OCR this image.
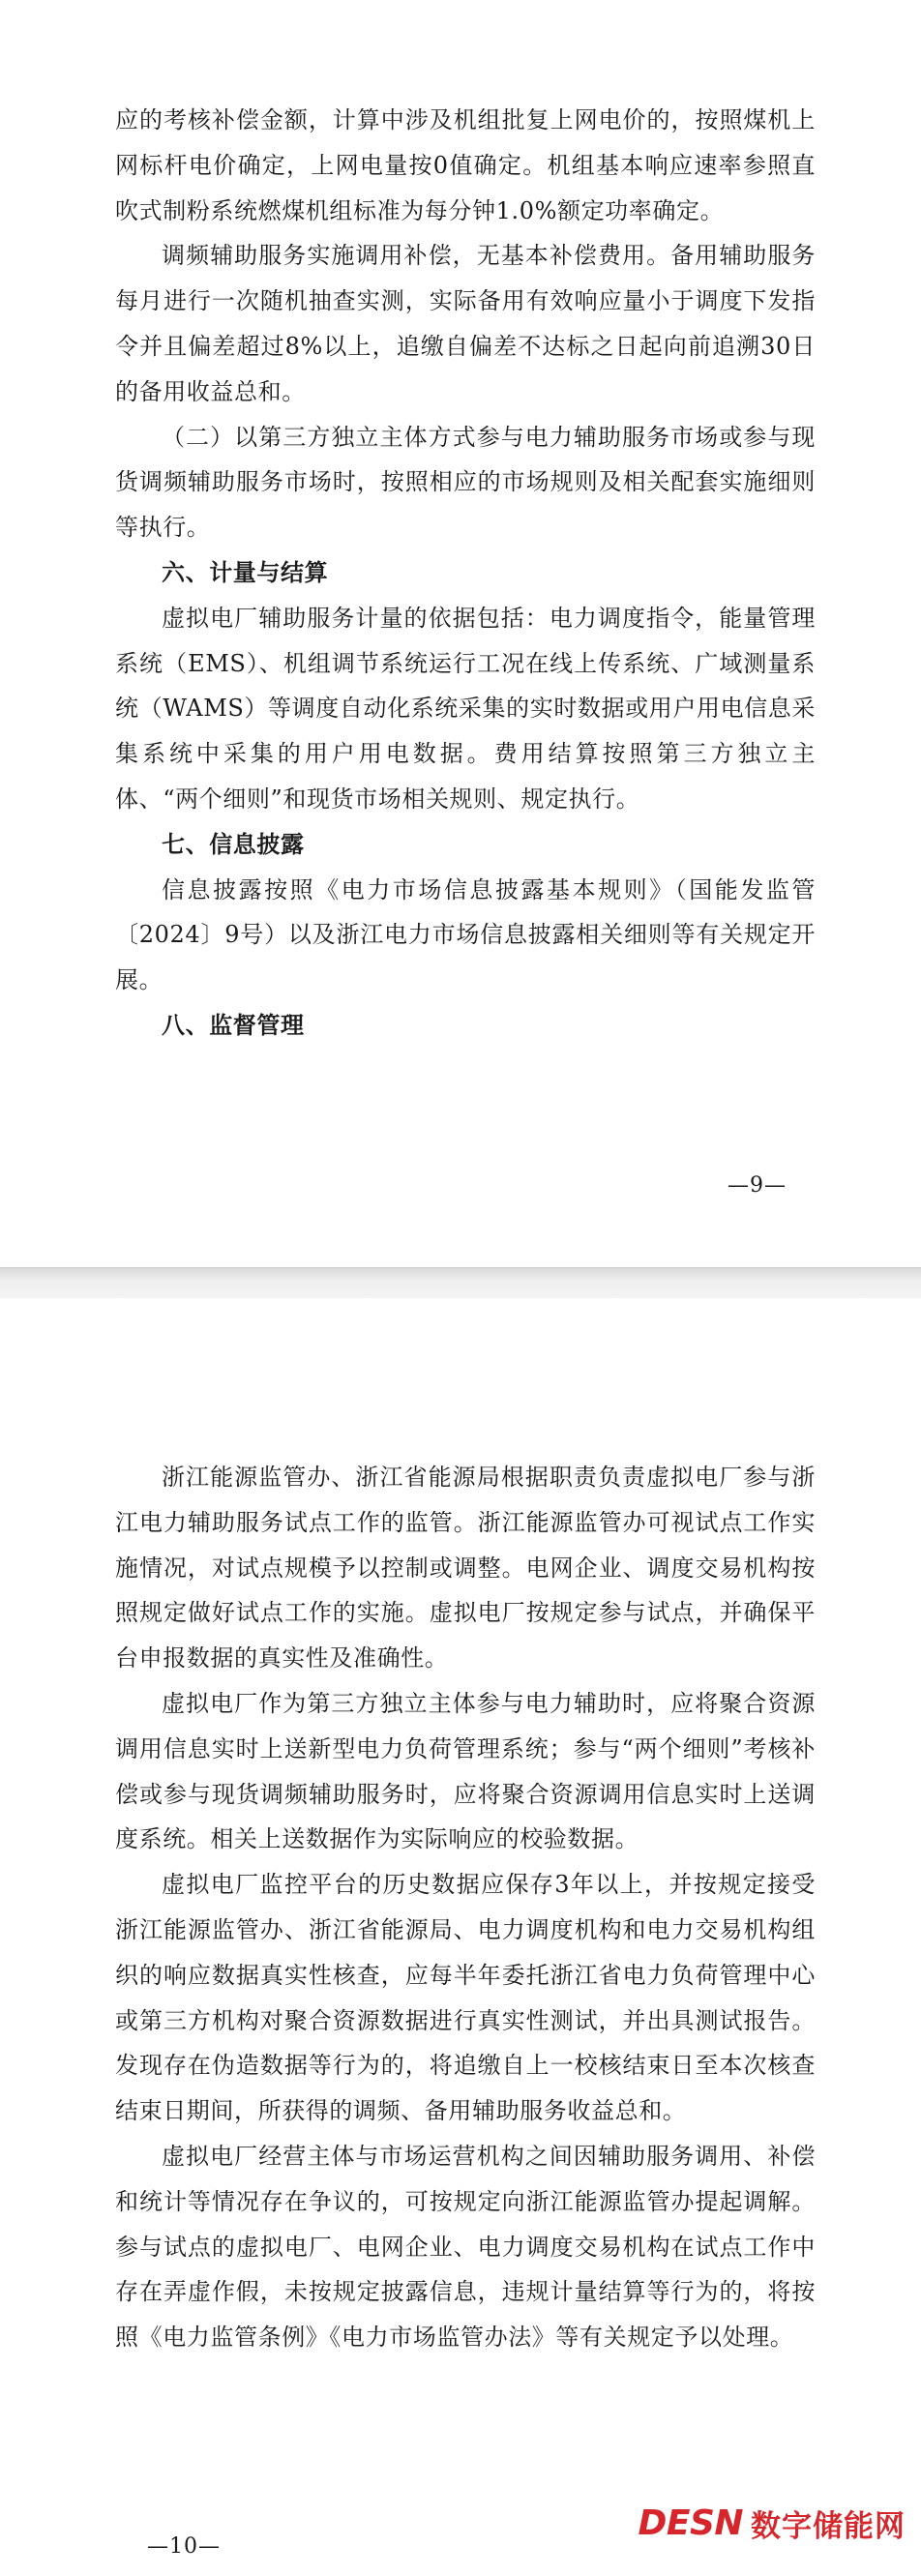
应的考核补偿金额，计算中涉及机组批复上网电价的，按照煤机上网标杆电价确定，上网电量按0值确定。机组基本响应速率参照直吹式制粉系统燃煤机组标准为每分钟1.0%额定功率确定。

调频辅助服务实施调用补偿，无基本补偿费用。备用辅助服务每月进行一次随机抽查实测，实际备用有效响应量小于调度下发指令并且偏差超过8%以上，追缴自偏差不达标之日起向前追溯30日的备用收益总和。

（二）以第三方独立主体方式参与电力辅助服务市场或参与现货调频辅助服务市场时，按照相应的市场规则及相关配套实施细则等执行。

六、计量与结算

虚拟电厂辅助服务计量的依据包括：电力调度指令，能量管理系统（EMS）、机组调节系统运行工况在线上传系统、广域测量系统（WAMS）等调度自动化系统采集的实时数据或用户用电信息采集系统中采集的用户用电数据。费用结算按照第三方独立主体、“两个细则”和现货市场相关规则、规定执行。

七、信息披露

信息披露按照《电力市场信息披露基本规则》（国能发监管〔2024〕9号）以及浙江电力市场信息披露相关细则等有关规定开展。

八、监督管理
—9—

浙江能源监管办、浙江省能源局根据职责负责虚拟电厂参与浙江电力辅助服务试点工作的监管。浙江能源监管办可视试点工作实施情况，对试点规模予以控制或调整。电网企业、调度交易机构按照规定做好试点工作的实施。虚拟电厂按规定参与试点，并确保平台申报数据的真实性及准确性。

虚拟电厂作为第三方独立主体参与电力辅助时，应将聚合资源调用信息实时上送新型电力负荷管理系统；参与“两个细则”考核补偿或参与现货调频辅助服务时，应将聚合资源调用信息实时上送调度系统。相关上送数据作为实际响应的校验数据。

虚拟电厂监控平台的历史数据应保存3年以上，并按规定接受浙江能源监管办、浙江省能源局、电力调度机构和电力交易机构组织的响应数据真实性核查，应每半年委托浙江省电力负荷管理中心或第三方机构对聚合资源数据进行真实性测试，并出具测试报告。发现存在伪造数据等行为的，将追缴自上一校核结束日至本次核查结束日期间，所获得的调频、备用辅助服务收益总和。

虚拟电厂经营主体与市场运营机构之间因辅助服务调用、补偿和统计等情况存在争议的，可按规定向浙江能源监管办提起调解。参与试点的虚拟电厂、电网企业、电力调度交易机构在试点工作中存在弄虚作假，未按规定披露信息，违规计量结算等行为的，将按照《电力监管条例》《电力市场监管办法》等有关规定予以处理。

—10—
DESN 数字储能网
